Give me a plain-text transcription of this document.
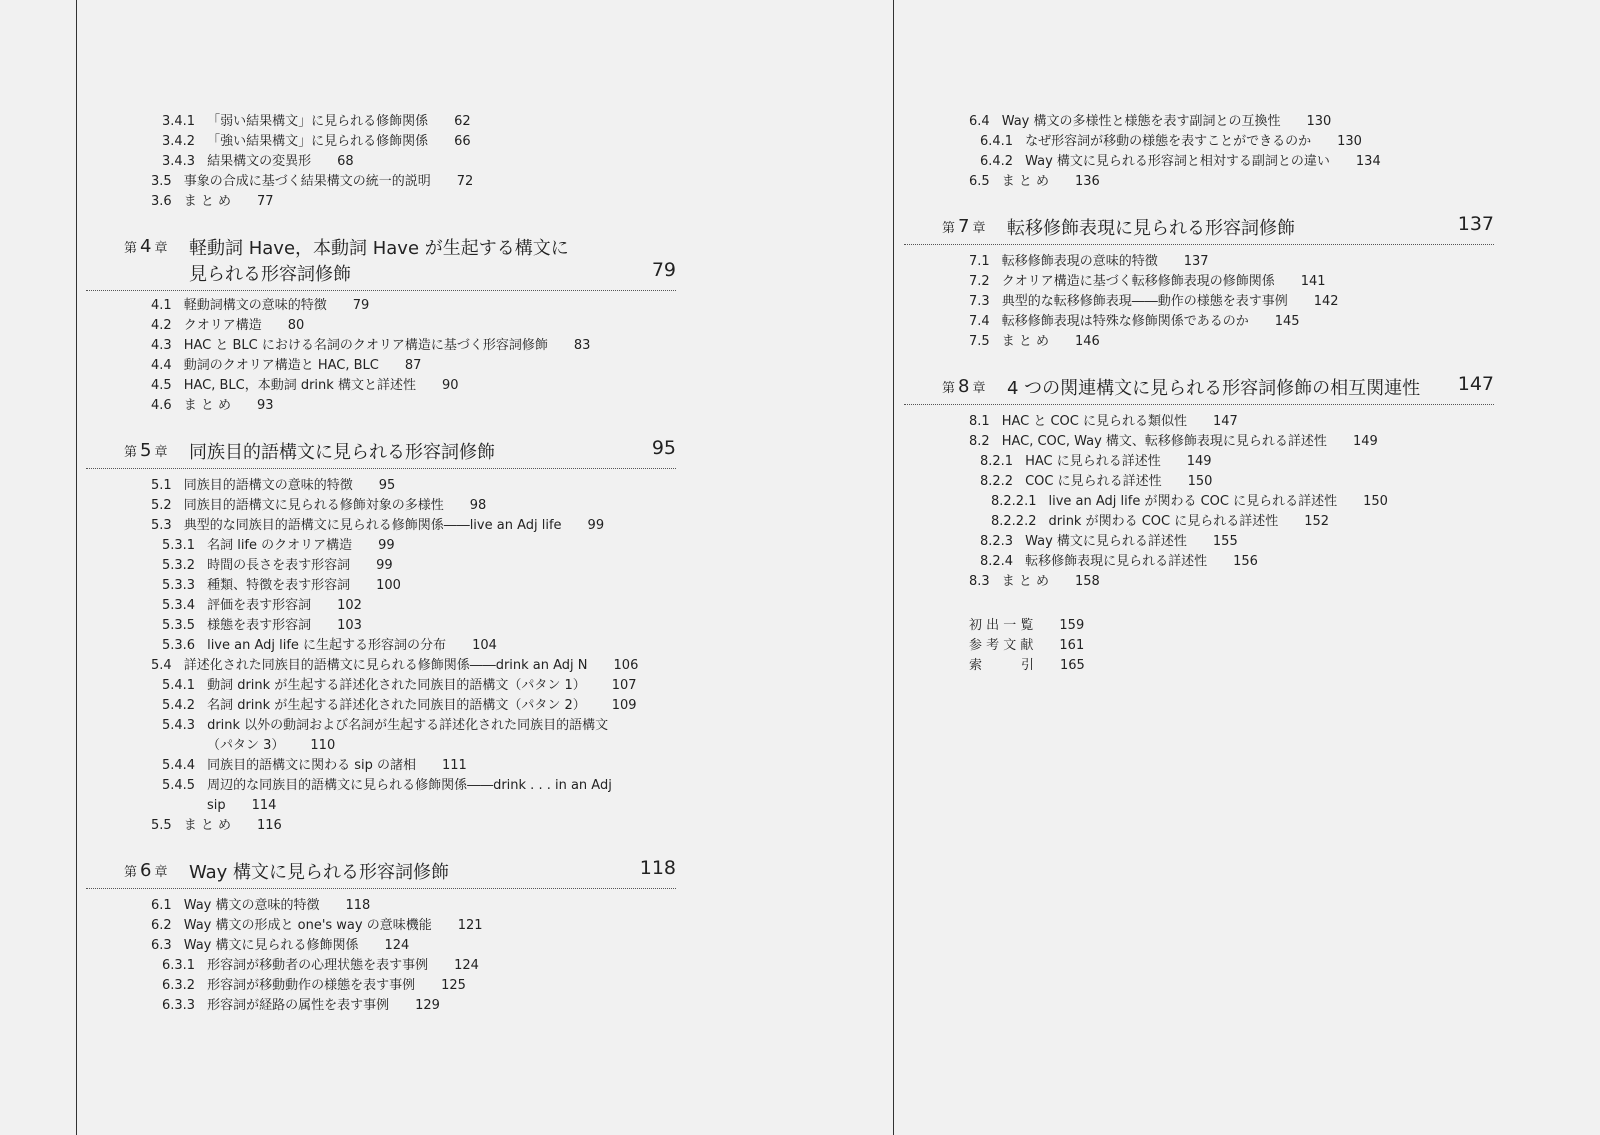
3.4.1 「弱い結果構文」に見られる修飾関係 62
3.4.2 「強い結果構文」に見られる修飾関係 66
3.4.3 結果構文の変異形 68
3.5 事象の合成に基づく結果構文の統一的説明 72
3.6 ま と め 77
第 4 章 軽動詞 Have，本動詞 Have が生起する構文に
見られる形容詞修飾	79
4.1 軽動詞構文の意味的特徴 79
4.2 クオリア構造 80
4.3 HAC と BLC における名詞のクオリア構造に基づく形容詞修飾 83
4.4 動詞のクオリア構造と HAC, BLC 87
4.5 HAC, BLC，本動詞 drink 構文と詳述性 90
4.6 ま と め 93
第 5 章 同族目的語構文に見られる形容詞修飾	95
5.1 同族目的語構文の意味的特徴 95
5.2 同族目的語構文に見られる修飾対象の多様性 98
5.3 典型的な同族目的語構文に見られる修飾関係――live an Adj life 99
5.3.1 名詞 life のクオリア構造 99
5.3.2 時間の長さを表す形容詞 99
5.3.3 種類、特徴を表す形容詞 100
5.3.4 評価を表す形容詞 102
5.3.5 様態を表す形容詞 103
5.3.6 live an Adj life に生起する形容詞の分布 104
5.4 詳述化された同族目的語構文に見られる修飾関係――drink an Adj N 106
5.4.1 動詞 drink が生起する詳述化された同族目的語構文（パタン 1） 107
5.4.2 名詞 drink が生起する詳述化された同族目的語構文（パタン 2） 109
5.4.3 drink 以外の動詞および名詞が生起する詳述化された同族目的語構文
（パタン 3） 110
5.4.4 同族目的語構文に関わる sip の諸相 111
5.4.5 周辺的な同族目的語構文に見られる修飾関係――drink . . . in an Adj
sip 114
5.5 ま と め 116
第 6 章 Way 構文に見られる形容詞修飾	118
6.1 Way 構文の意味的特徴 118
6.2 Way 構文の形成と one's way の意味機能 121
6.3 Way 構文に見られる修飾関係 124
6.3.1 形容詞が移動者の心理状態を表す事例 124
6.3.2 形容詞が移動動作の様態を表す事例 125
6.3.3 形容詞が経路の属性を表す事例 129
6.4 Way 構文の多様性と様態を表す副詞との互換性 130
6.4.1 なぜ形容詞が移動の様態を表すことができるのか 130
6.4.2 Way 構文に見られる形容詞と相対する副詞との違い 134
6.5 ま と め 136
第 7 章 転移修飾表現に見られる形容詞修飾	137
7.1 転移修飾表現の意味的特徴 137
7.2 クオリア構造に基づく転移修飾表現の修飾関係 141
7.3 典型的な転移修飾表現――動作の様態を表す事例 142
7.4 転移修飾表現は特殊な修飾関係であるのか 145
7.5 ま と め 146
第 8 章 4 つの関連構文に見られる形容詞修飾の相互関連性 147
8.1 HAC と COC に見られる類似性 147
8.2 HAC, COC, Way 構文、転移修飾表現に見られる詳述性 149
8.2.1 HAC に見られる詳述性 149
8.2.2 COC に見られる詳述性 150
8.2.2.1 live an Adj life が関わる COC に見られる詳述性 150
8.2.2.2 drink が関わる COC に見られる詳述性 152
8.2.3 Way 構文に見られる詳述性 155
8.2.4 転移修飾表現に見られる詳述性 156
8.3 ま と め 158
初 出 一 覧 159
参 考 文 献 161
索　　　引 165
